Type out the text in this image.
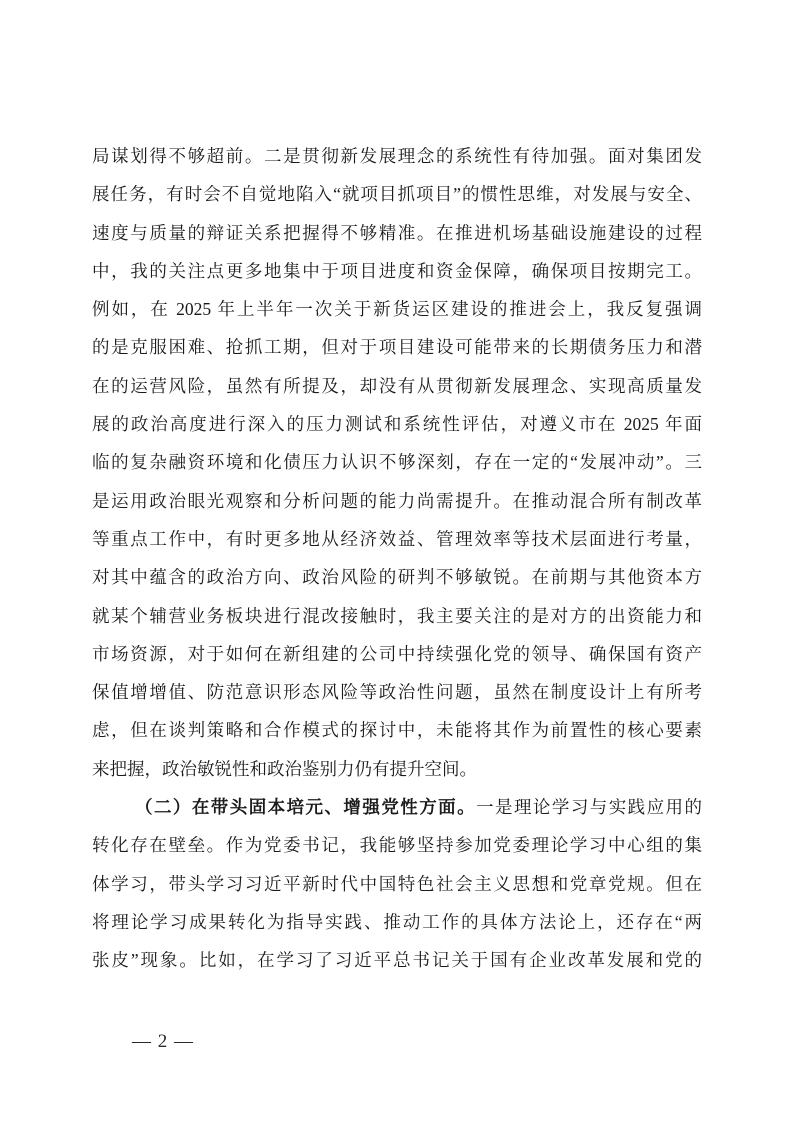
局谋划得不够超前。二是贯彻新发展理念的系统性有待加强。面对集团发
展任务，有时会不自觉地陷入“就项目抓项目”的惯性思维，对发展与安全、
速度与质量的辩证关系把握得不够精准。在推进机场基础设施建设的过程
中，我的关注点更多地集中于项目进度和资金保障，确保项目按期完工。
例如，在 2025 年上半年一次关于新货运区建设的推进会上，我反复强调
的是克服困难、抢抓工期，但对于项目建设可能带来的长期债务压力和潜
在的运营风险，虽然有所提及，却没有从贯彻新发展理念、实现高质量发
展的政治高度进行深入的压力测试和系统性评估，对遵义市在 2025 年面
临的复杂融资环境和化债压力认识不够深刻，存在一定的“发展冲动”。三
是运用政治眼光观察和分析问题的能力尚需提升。在推动混合所有制改革
等重点工作中，有时更多地从经济效益、管理效率等技术层面进行考量，
对其中蕴含的政治方向、政治风险的研判不够敏锐。在前期与其他资本方
就某个辅营业务板块进行混改接触时，我主要关注的是对方的出资能力和
市场资源，对于如何在新组建的公司中持续强化党的领导、确保国有资产
保值增增值、防范意识形态风险等政治性问题，虽然在制度设计上有所考
虑，但在谈判策略和合作模式的探讨中，未能将其作为前置性的核心要素
来把握，政治敏锐性和政治鉴别力仍有提升空间。
（二）在带头固本培元、增强党性方面。一是理论学习与实践应用的
转化存在壁垒。作为党委书记，我能够坚持参加党委理论学习中心组的集
体学习，带头学习习近平新时代中国特色社会主义思想和党章党规。但在
将理论学习成果转化为指导实践、推动工作的具体方法论上，还存在“两
张皮”现象。比如，在学习了习近平总书记关于国有企业改革发展和党的
— 2 —
